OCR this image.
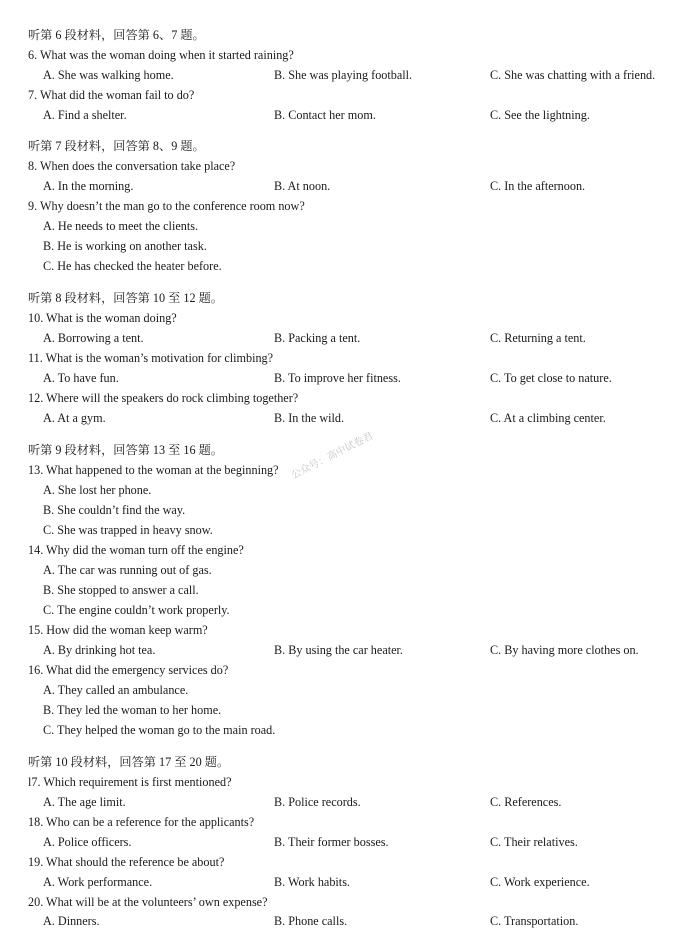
听第 6 段材料，回答第 6、7 题。
6. What was the woman doing when it started raining?
A. She was walking home.	B. She was playing football.	C. She was chatting with a friend.
7. What did the woman fail to do?
A. Find a shelter.	B. Contact her mom.	C. See the lightning.
听第 7 段材料，回答第 8、9 题。
8. When does the conversation take place?
A. In the morning.	B. At noon.	C. In the afternoon.
9. Why doesn’t the man go to the conference room now?
A. He needs to meet the clients.
B. He is working on another task.
C. He has checked the heater before.
听第 8 段材料，回答第 10 至 12 题。
10. What is the woman doing?
A. Borrowing a tent.	B. Packing a tent.	C. Returning a tent.
11. What is the woman’s motivation for climbing?
A. To have fun.	B. To improve her fitness.	C. To get close to nature.
12. Where will the speakers do rock climbing together?
A. At a gym.	B. In the wild.	C. At a climbing center.
听第 9 段材料，回答第 13 至 16 题。
13. What happened to the woman at the beginning?
A. She lost her phone.
B. She couldn’t find the way.
C. She was trapped in heavy snow.
14. Why did the woman turn off the engine?
A. The car was running out of gas.
B. She stopped to answer a call.
C. The engine couldn’t work properly.
15. How did the woman keep warm?
A. By drinking hot tea.	B. By using the car heater.	C. By having more clothes on.
16. What did the emergency services do?
A. They called an ambulance.
B. They led the woman to her home.
C. They helped the woman go to the main road.
听第 10 段材料，回答第 17 至 20 题。
l7. Which requirement is first mentioned?
A. The age limit.	B. Police records.	C. References.
18. Who can be a reference for the applicants?
A. Police officers.	B. Their former bosses.	C. Their relatives.
19. What should the reference be about?
A. Work performance.	B. Work habits.	C. Work experience.
20. What will be at the volunteers’ own expense?
A. Dinners.	B. Phone calls.	C. Transportation.
公众号：高中试卷君
